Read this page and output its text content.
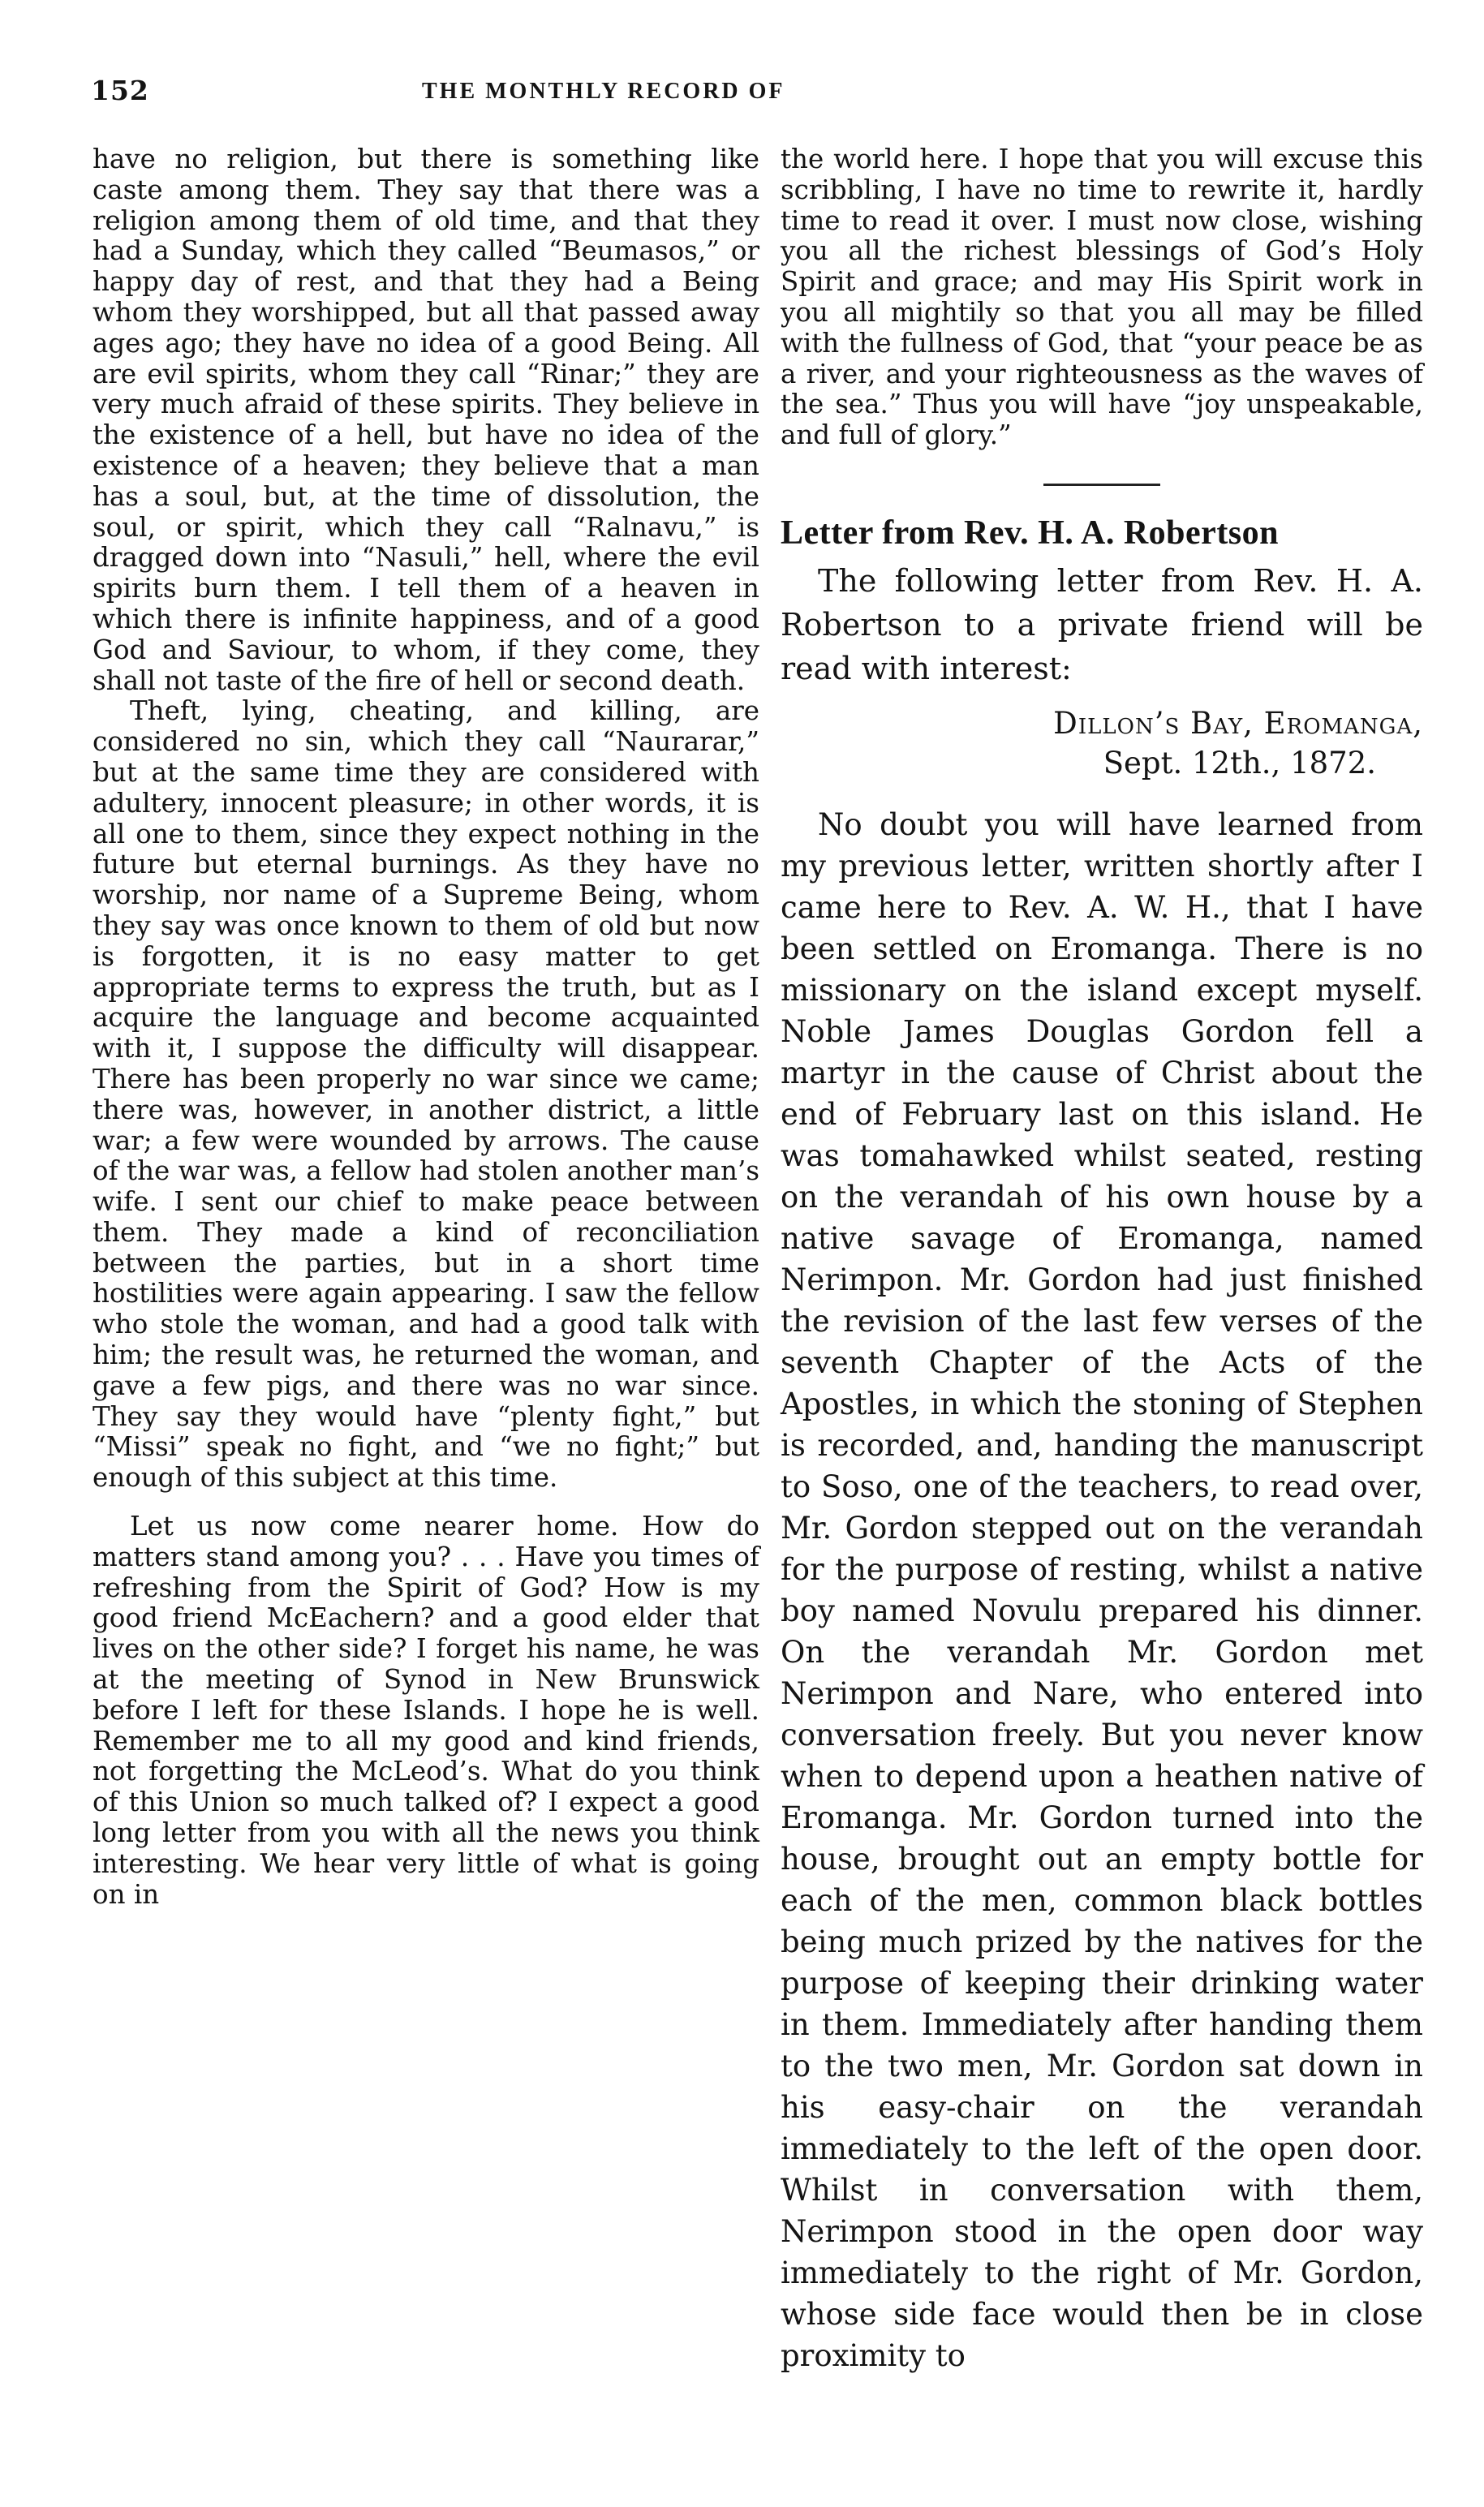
152	THE MONTHLY RECORD OF

have no religion, but there is something like caste among them. They say that there was a religion among them of old time, and that they had a Sunday, which they called “Beumasos,” or happy day of rest, and that they had a Being whom they worshipped, but all that passed away ages ago; they have no idea of a good Being. All are evil spirits, whom they call “Rinar;” they are very much afraid of these spirits. They believe in the existence of a hell, but have no idea of the existence of a heaven; they believe that a man has a soul, but, at the time of dissolution, the soul, or spirit, which they call “Ralnavu,” is dragged down into “Nasuli,” hell, where the evil spirits burn them. I tell them of a heaven in which there is infinite happiness, and of a good God and Saviour, to whom, if they come, they shall not taste of the fire of hell or second death.

Theft, lying, cheating, and killing, are considered no sin, which they call “Naurarar,” but at the same time they are considered with adultery, innocent pleasure; in other words, it is all one to them, since they expect nothing in the future but eternal burnings. As they have no worship, nor name of a Supreme Being, whom they say was once known to them of old but now is forgotten, it is no easy matter to get appropriate terms to express the truth, but as I acquire the language and become acquainted with it, I suppose the difficulty will disappear. There has been properly no war since we came; there was, however, in another district, a little war; a few were wounded by arrows. The cause of the war was, a fellow had stolen another man’s wife. I sent our chief to make peace between them. They made a kind of reconciliation between the parties, but in a short time hostilities were again appearing. I saw the fellow who stole the woman, and had a good talk with him; the result was, he returned the woman, and gave a few pigs, and there was no war since. They say they would have “plenty fight,” but “Missi” speak no fight, and “we no fight;” but enough of this subject at this time.

Let us now come nearer home. How do matters stand among you? . . . Have you times of refreshing from the Spirit of God? How is my good friend McEachern? and a good elder that lives on the other side? I forget his name, he was at the meeting of Synod in New Brunswick before I left for these Islands. I hope he is well. Remember me to all my good and kind friends, not forgetting the McLeod’s. What do you think of this Union so much talked of? I expect a good long letter from you with all the news you think interesting. We hear very little of what is going on in

the world here. I hope that you will excuse this scribbling, I have no time to rewrite it, hardly time to read it over. I must now close, wishing you all the richest blessings of God’s Holy Spirit and grace; and may His Spirit work in you all mightily so that you all may be filled with the fullness of God, that “your peace be as a river, and your righteousness as the waves of the sea.” Thus you will have “joy unspeakable, and full of glory.”

Letter from Rev. H. A. Robertson

The following letter from Rev. H. A. Robertson to a private friend will be read with interest:

Dillon’s Bay, Eromanga,
Sept. 12th., 1872.

No doubt you will have learned from my previous letter, written shortly after I came here to Rev. A. W. H., that I have been settled on Eromanga. There is no missionary on the island except myself. Noble James Douglas Gordon fell a martyr in the cause of Christ about the end of February last on this island. He was tomahawked whilst seated, resting on the verandah of his own house by a native savage of Eromanga, named Nerimpon. Mr. Gordon had just finished the revision of the last few verses of the seventh Chapter of the Acts of the Apostles, in which the stoning of Stephen is recorded, and, handing the manuscript to Soso, one of the teachers, to read over, Mr. Gordon stepped out on the verandah for the purpose of resting, whilst a native boy named Novulu prepared his dinner. On the verandah Mr. Gordon met Nerimpon and Nare, who entered into conversation freely. But you never know when to depend upon a heathen native of Eromanga. Mr. Gordon turned into the house, brought out an empty bottle for each of the men, common black bottles being much prized by the natives for the purpose of keeping their drinking water in them. Immediately after handing them to the two men, Mr. Gordon sat down in his easy-chair on the verandah immediately to the left of the open door. Whilst in conversation with them, Nerimpon stood in the open door way immediately to the right of Mr. Gordon, whose side face would then be in close proximity to
